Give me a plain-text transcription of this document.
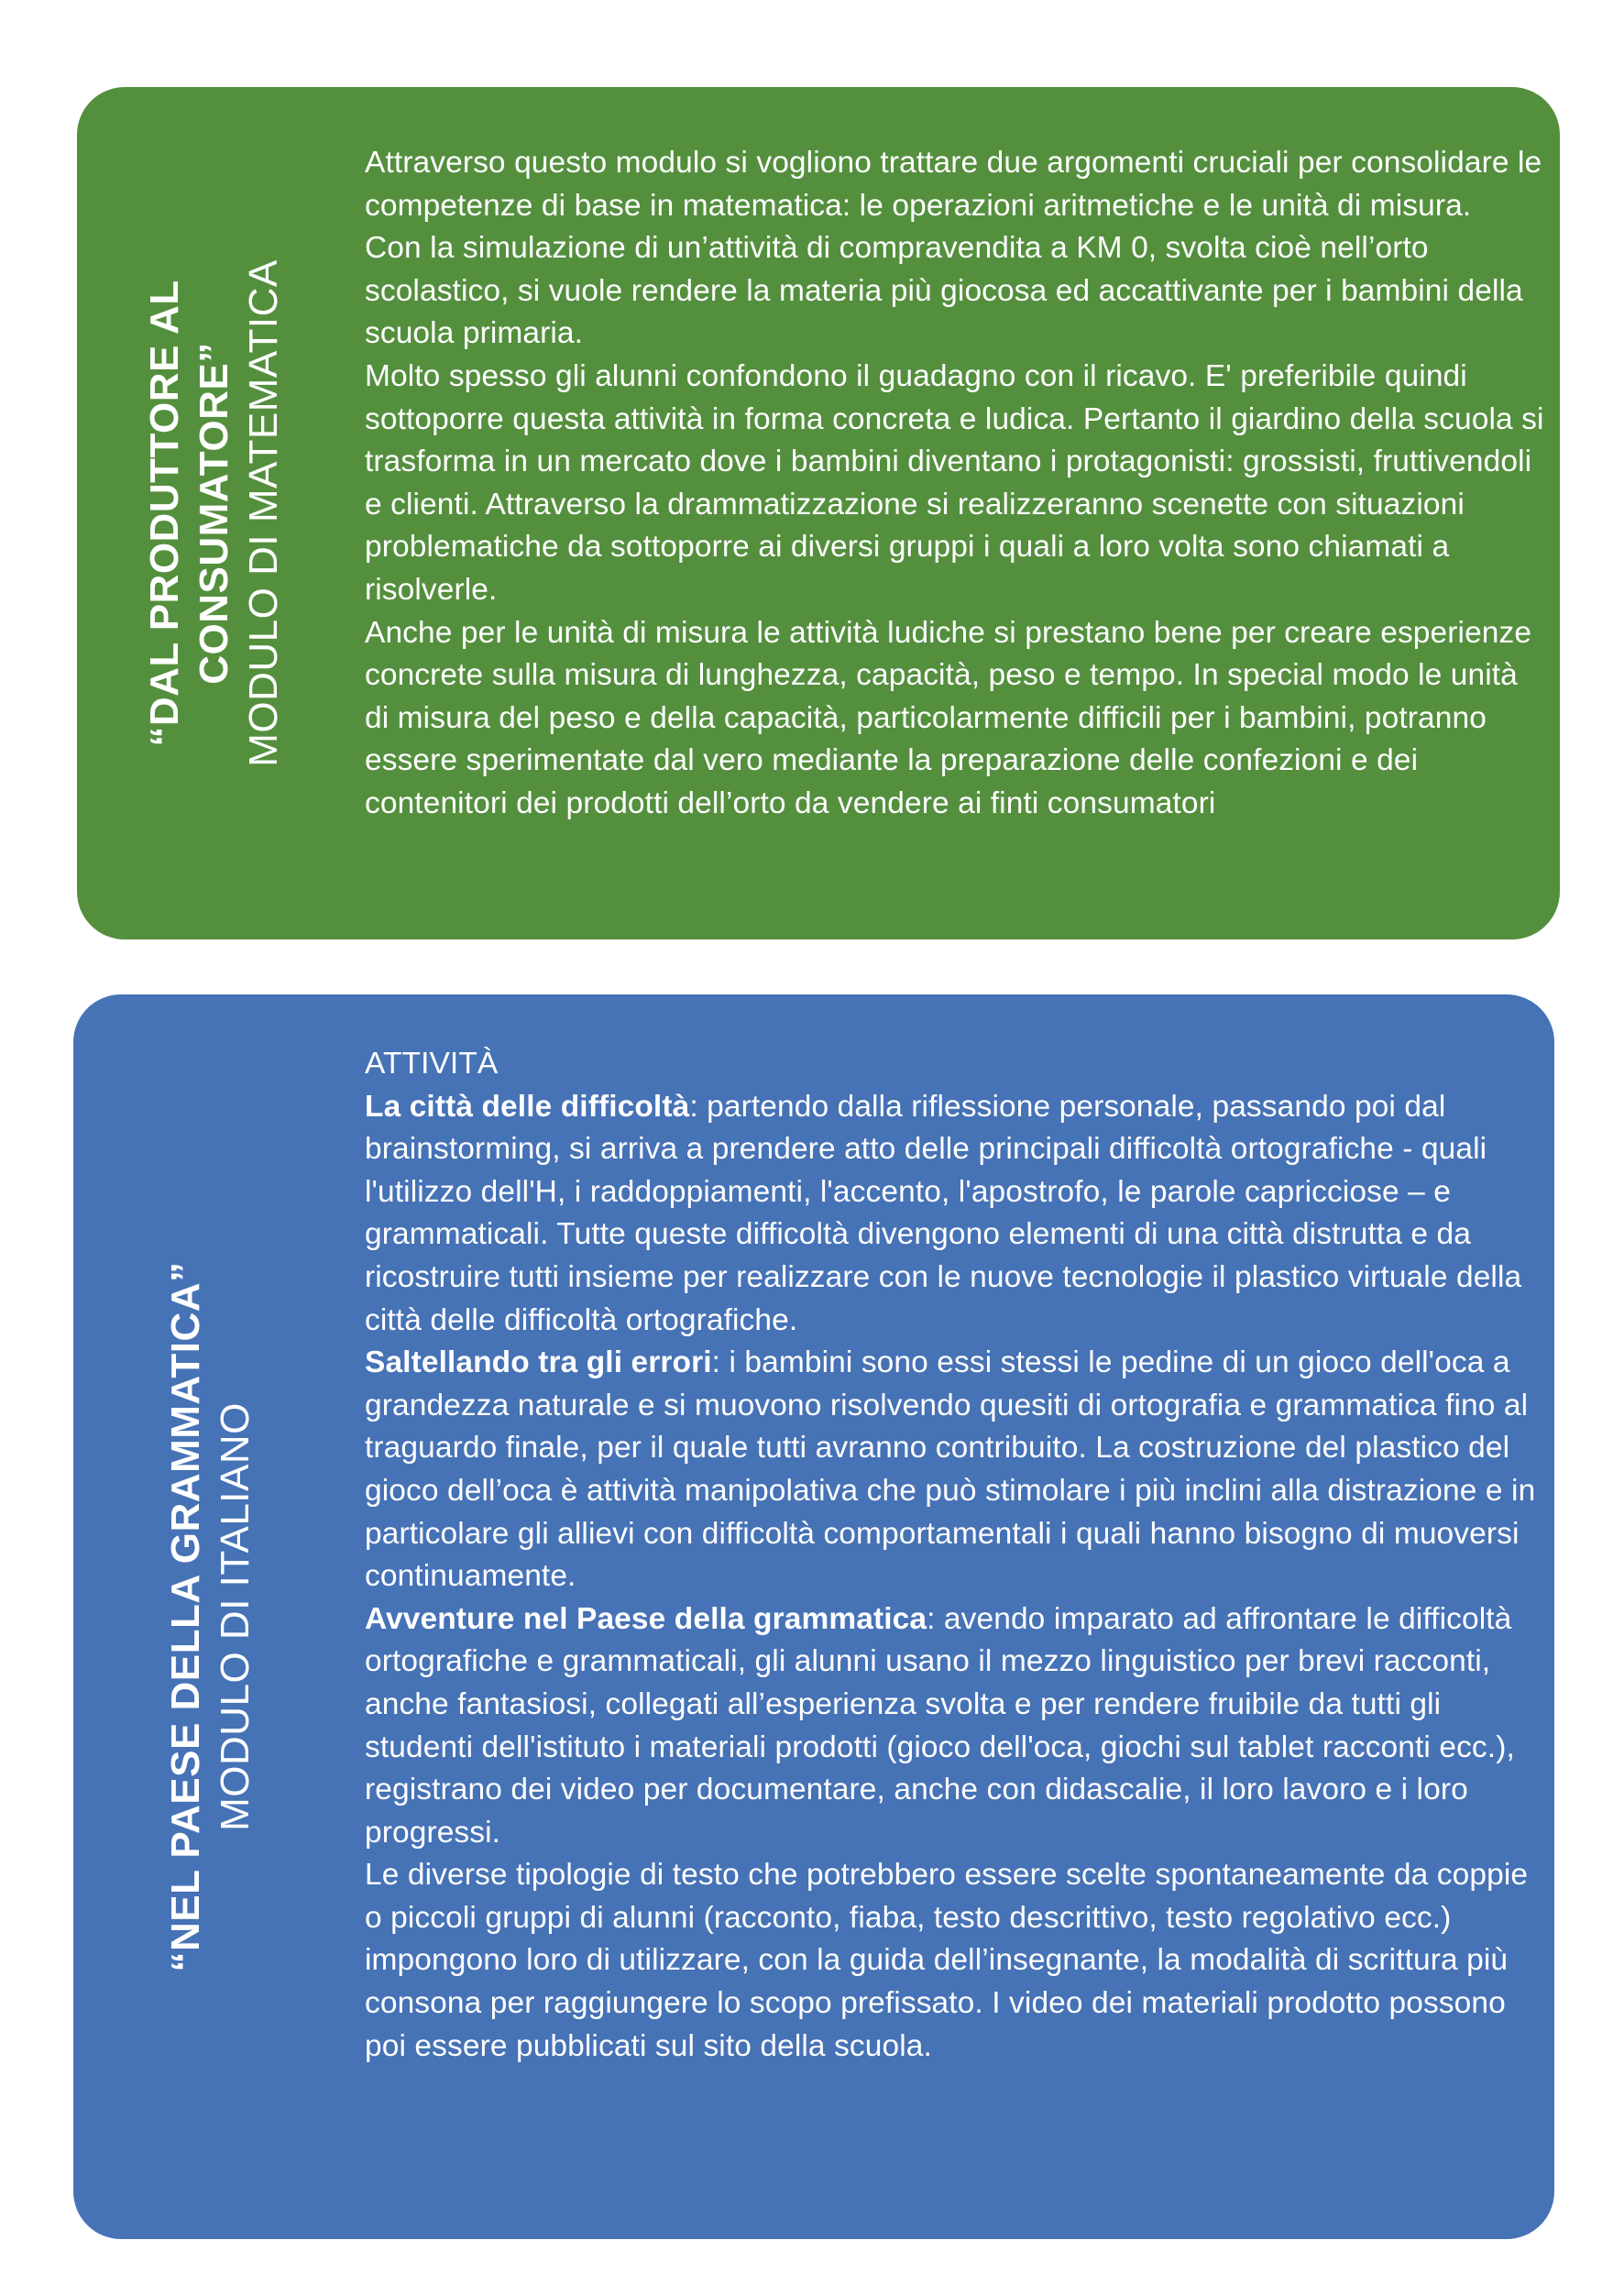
“DAL PRODUTTORE AL CONSUMATORE” MODULO DI MATEMATICA

Attraverso questo modulo si vogliono trattare due argomenti cruciali per consolidare le competenze di base in matematica: le operazioni aritmetiche e le unità di misura.

Con la simulazione di un’attività di compravendita a KM 0, svolta cioè nell’orto scolastico, si vuole rendere la materia più giocosa ed accattivante per i bambini della scuola primaria.

Molto spesso gli alunni confondono il guadagno con il ricavo. E' preferibile quindi sottoporre questa attività in forma concreta e ludica. Pertanto il giardino della scuola si trasforma in un mercato dove i bambini diventano i protagonisti: grossisti, fruttivendoli e clienti. Attraverso la drammatizzazione si realizzeranno scenette con situazioni problematiche da sottoporre ai diversi gruppi i quali a loro volta sono chiamati a risolverle.

Anche per le unità di misura le attività ludiche si prestano bene per creare esperienze concrete sulla misura di lunghezza, capacità, peso e tempo. In special modo le unità di misura del peso e della capacità, particolarmente difficili per i bambini, potranno essere sperimentate dal vero mediante la preparazione delle confezioni e dei contenitori dei prodotti dell’orto da vendere ai finti consumatori

“NEL PAESE DELLA GRAMMATICA” MODULO DI ITALIANO

ATTIVITÀ

La città delle difficoltà: partendo dalla riflessione personale, passando poi dal brainstorming, si arriva a prendere atto delle principali difficoltà ortografiche - quali l'utilizzo dell'H, i raddoppiamenti, l'accento, l'apostrofo, le parole capricciose – e grammaticali. Tutte queste difficoltà divengono elementi di una città distrutta e da ricostruire tutti insieme per realizzare con le nuove tecnologie il plastico virtuale della città delle difficoltà ortografiche.

Saltellando tra gli errori: i bambini sono essi stessi le pedine di un gioco dell'oca a grandezza naturale e si muovono risolvendo quesiti di ortografia e grammatica fino al traguardo finale, per il quale tutti avranno contribuito. La costruzione del plastico del gioco dell’oca è attività manipolativa che può stimolare i più inclini alla distrazione e in particolare gli allievi con difficoltà comportamentali i quali hanno bisogno di muoversi continuamente.

Avventure nel Paese della grammatica: avendo imparato ad affrontare le difficoltà ortografiche e grammaticali, gli alunni usano il mezzo linguistico per brevi racconti, anche fantasiosi, collegati all’esperienza svolta e per rendere fruibile da tutti gli studenti dell'istituto i materiali prodotti (gioco dell'oca, giochi sul tablet racconti ecc.), registrano dei video per documentare, anche con didascalie, il loro lavoro e i loro progressi.

Le diverse tipologie di testo che potrebbero essere scelte spontaneamente da coppie o piccoli gruppi di alunni (racconto, fiaba, testo descrittivo, testo regolativo ecc.) impongono loro di utilizzare, con la guida dell’insegnante, la modalità di scrittura più consona per raggiungere lo scopo prefissato. I video dei materiali prodotto possono poi essere pubblicati sul sito della scuola.
